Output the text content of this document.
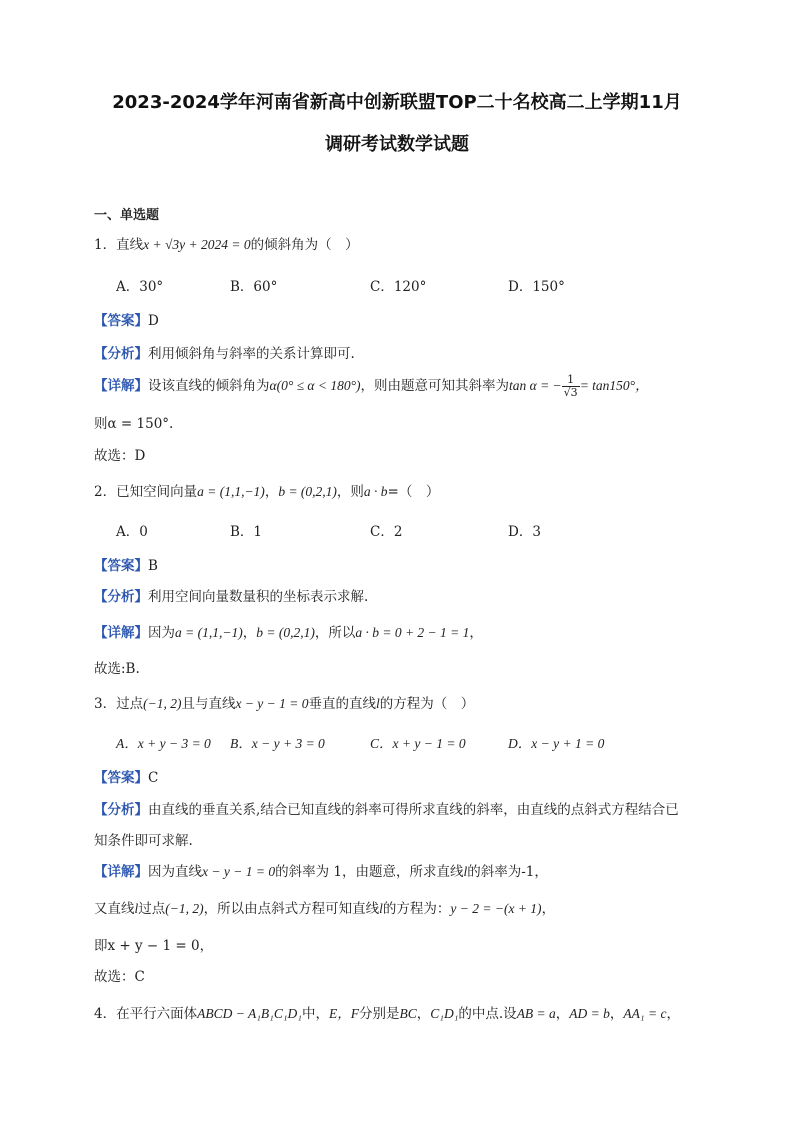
2023-2024学年河南省新高中创新联盟TOP二十名校高二上学期11月
调研考试数学试题
一、单选题
1．直线x + √3y + 2024 = 0的倾斜角为（　）
A．30°	B．60°	C．120°	D．150°
【答案】D
【分析】利用倾斜角与斜率的关系计算即可.
【详解】设该直线的倾斜角为α(0° ≤ α < 180°)，则由题意可知其斜率为tan α = − $\frac{1}{√3} = \tan 150^\circ$，
则α = 150°.
故选：D
2．已知空间向量a = (1,1,−1)，b = (0,2,1)，则a · b=（　）
A．0	B．1	C．2	D．3
【答案】B
【分析】利用空间向量数量积的坐标表示求解.
【详解】因为a = (1,1,−1)，b = (0,2,1)，所以a · b = 0 + 2 − 1 = 1，
故选:B.
3．过点(−1, 2)且与直线x − y − 1 = 0垂直的直线l的方程为（　）
A．x + y − 3 = 0 B．x − y + 3 = 0	C．x + y − 1 = 0	D．x − y + 1 = 0
【答案】C
【分析】由直线的垂直关系,结合已知直线的斜率可得所求直线的斜率，由直线的点斜式方程结合已
知条件即可求解.
【详解】因为直线x − y − 1 = 0的斜率为 1，由题意，所求直线l的斜率为-1，
又直线l过点(−1, 2)，所以由点斜式方程可知直线l的方程为：y − 2 = −(x + 1)，
即x + y − 1 = 0，
故选：C
4．在平行六面体ABCD − A₁B₁C₁D₁中，E，F分别是BC，C₁D₁的中点.设AB = a，AD = b，AA₁ = c，
